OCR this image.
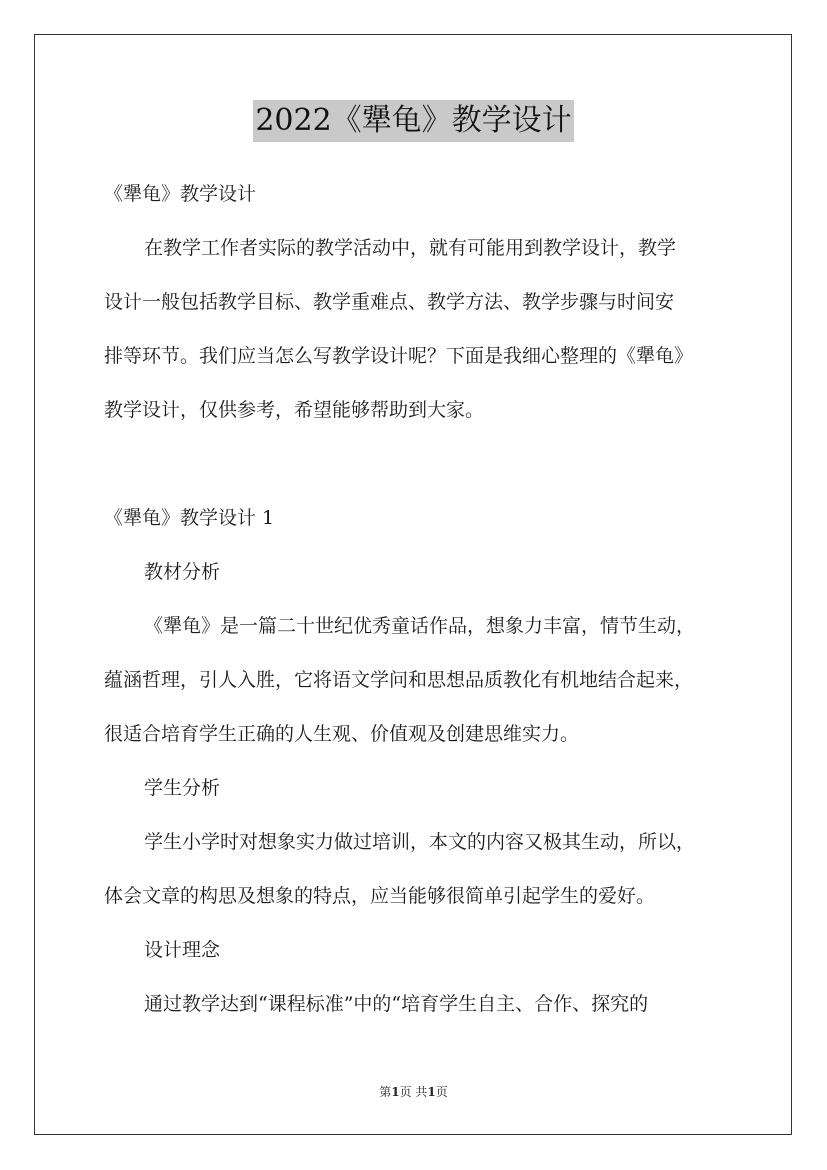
2022《犟龟》教学设计
《犟龟》教学设计
在教学工作者实际的教学活动中，就有可能用到教学设计，教学
设计一般包括教学目标、教学重难点、教学方法、教学步骤与时间安
排等环节。我们应当怎么写教学设计呢？下面是我细心整理的《犟龟》
教学设计，仅供参考，希望能够帮助到大家。
《犟龟》教学设计 1
教材分析
《犟龟》是一篇二十世纪优秀童话作品，想象力丰富，情节生动，
蕴涵哲理，引人入胜，它将语文学问和思想品质教化有机地结合起来，
很适合培育学生正确的人生观、价值观及创建思维实力。
学生分析
学生小学时对想象实力做过培训，本文的内容又极其生动，所以，
体会文章的构思及想象的特点，应当能够很简单引起学生的爱好。
设计理念
通过教学达到“课程标准”中的“培育学生自主、合作、探究的
第1页 共1页
